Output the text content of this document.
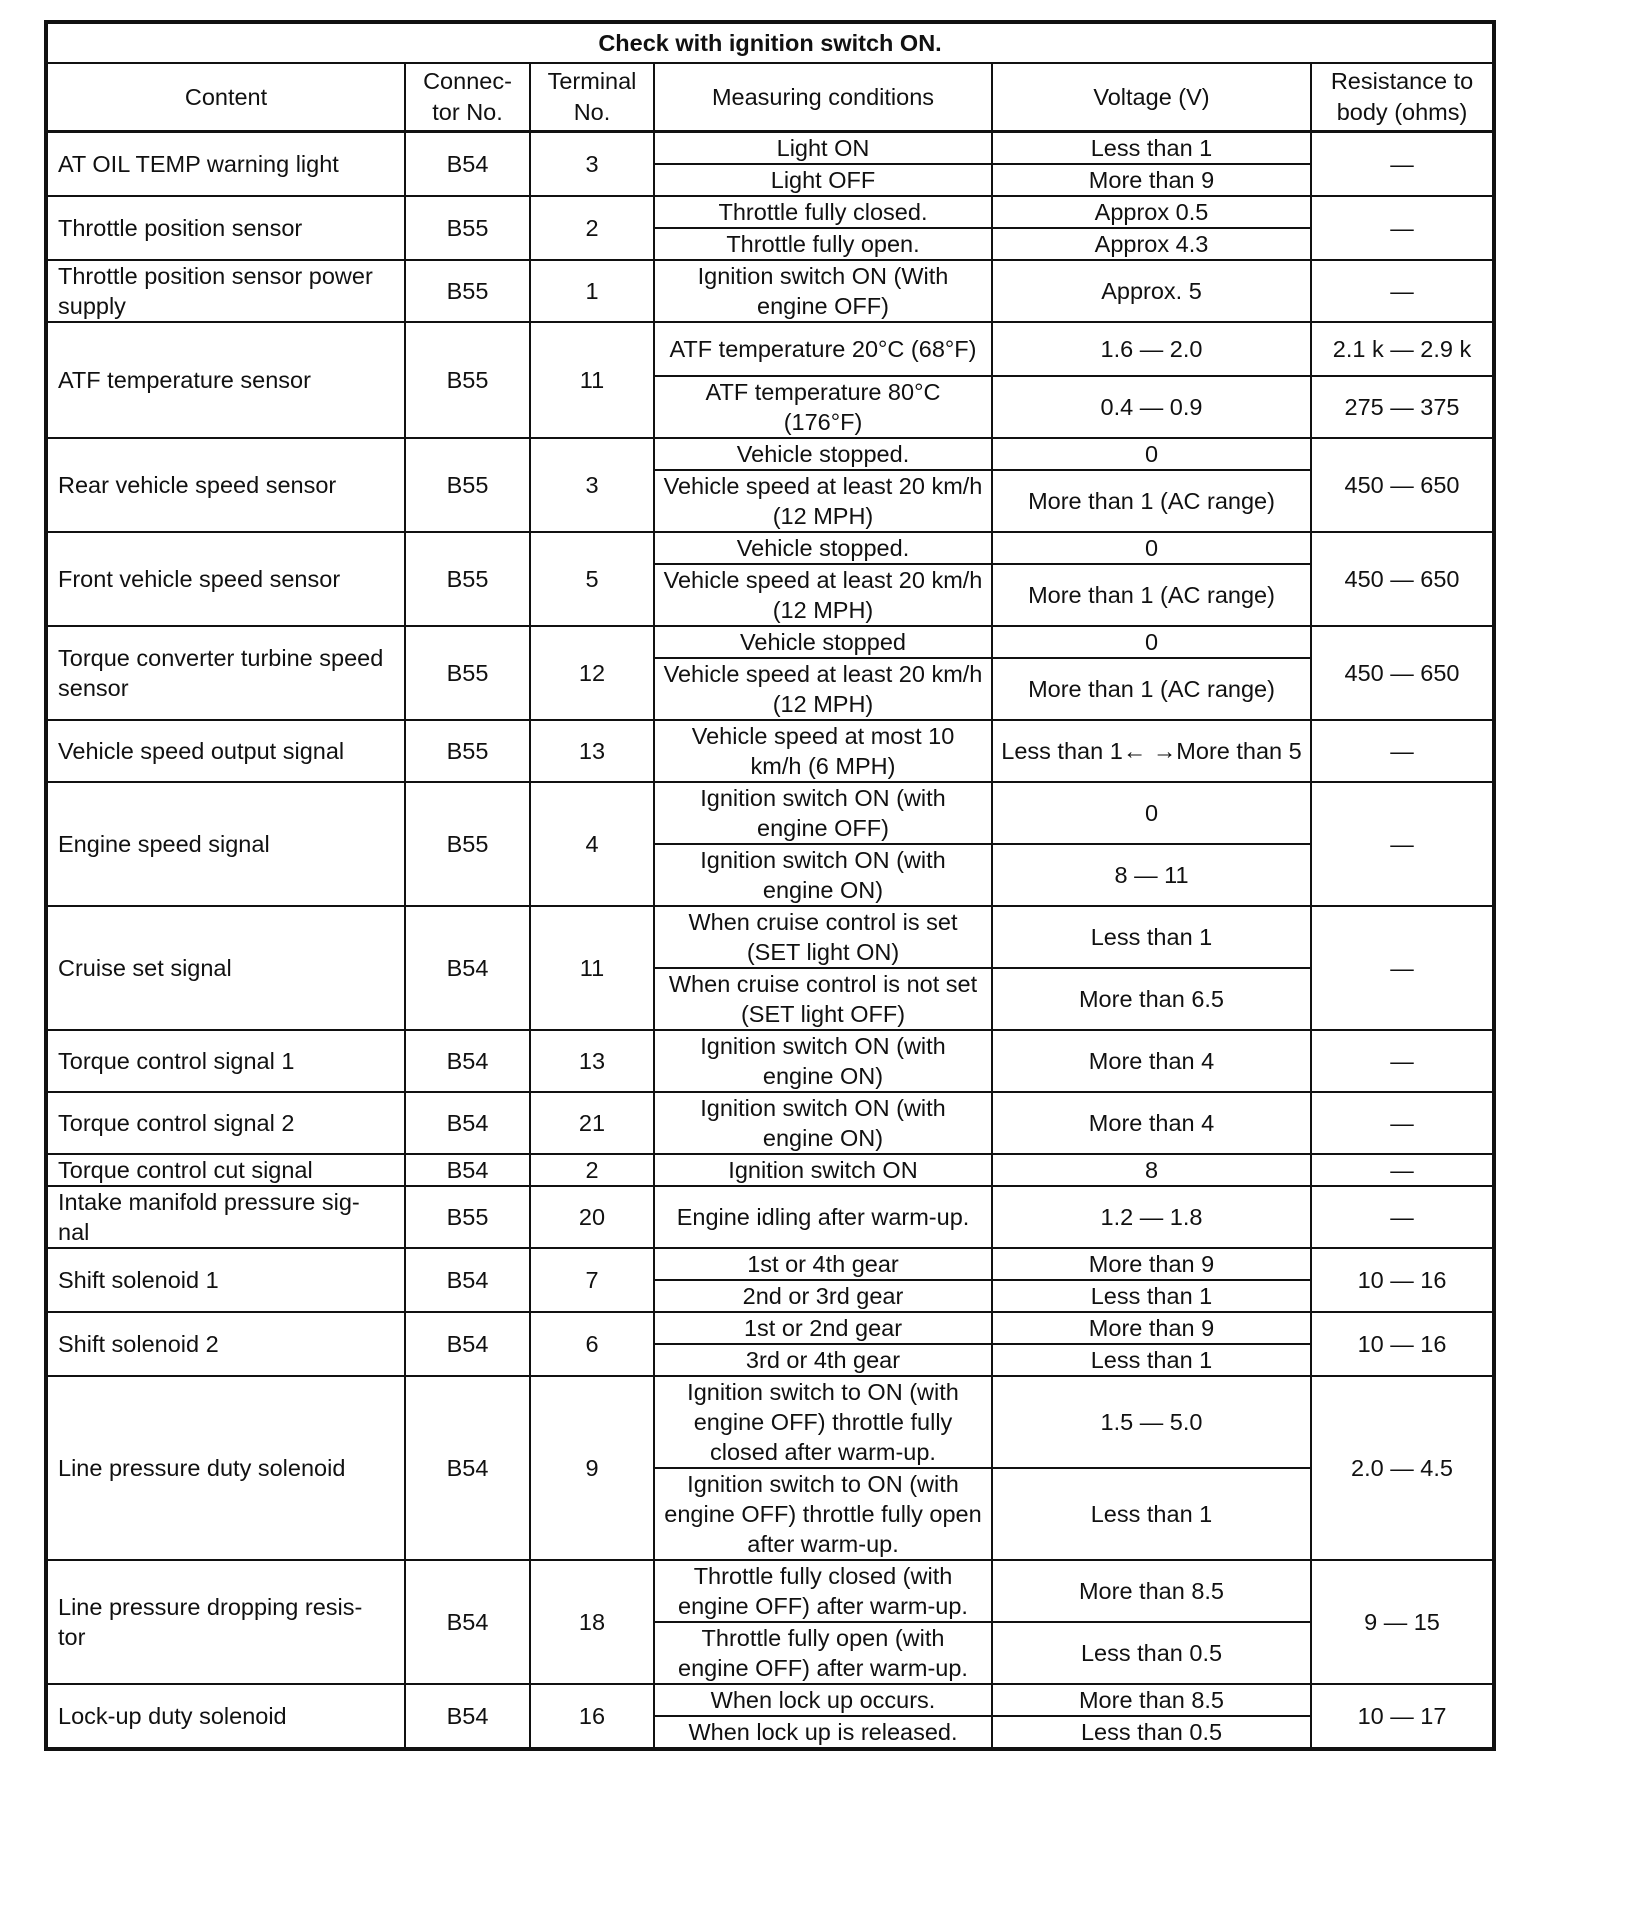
Check with ignition switch ON.					
Content	Connec- tor No.	Terminal No.	Measuring conditions	Voltage (V)	Resistance to body (ohms)
AT OIL TEMP warning light	B54	3	Light ON	Less than 1	—
			Light OFF	More than 9	
Throttle position sensor	B55	2	Throttle fully closed.	Approx 0.5	—
			Throttle fully open.	Approx 4.3	
Throttle position sensor power supply	B55	1	Ignition switch ON (With engine OFF)	Approx. 5	—
ATF temperature sensor	B55	11	ATF temperature 20°C (68°F)	1.6 — 2.0	2.1 k — 2.9 k
			ATF temperature 80°C (176°F)	0.4 — 0.9	275 — 375
Rear vehicle speed sensor	B55	3	Vehicle stopped.	0	450 — 650
			Vehicle speed at least 20 km/h (12 MPH)	More than 1 (AC range)	
Front vehicle speed sensor	B55	5	Vehicle stopped.	0	450 — 650
			Vehicle speed at least 20 km/h (12 MPH)	More than 1 (AC range)	
Torque converter turbine speed sensor	B55	12	Vehicle stopped	0	450 — 650
			Vehicle speed at least 20 km/h (12 MPH)	More than 1 (AC range)	
Vehicle speed output signal	B55	13	Vehicle speed at most 10 km/h (6 MPH)	Less than 1← →More than 5	—
Engine speed signal	B55	4	Ignition switch ON (with engine OFF)	0	—
			Ignition switch ON (with engine ON)	8 — 11	
Cruise set signal	B54	11	When cruise control is set (SET light ON)	Less than 1	—
			When cruise control is not set (SET light OFF)	More than 6.5	
Torque control signal 1	B54	13	Ignition switch ON (with engine ON)	More than 4	—
Torque control signal 2	B54	21	Ignition switch ON (with engine ON)	More than 4	—
Torque control cut signal	B54	2	Ignition switch ON	8	—
Intake manifold pressure sig- nal	B55	20	Engine idling after warm-up.	1.2 — 1.8	—
Shift solenoid 1	B54	7	1st or 4th gear	More than 9	10 — 16
			2nd or 3rd gear	Less than 1	
Shift solenoid 2	B54	6	1st or 2nd gear	More than 9	10 — 16
			3rd or 4th gear	Less than 1	
Line pressure duty solenoid	B54	9	Ignition switch to ON (with engine OFF) throttle fully closed after warm-up.	1.5 — 5.0	2.0 — 4.5
			Ignition switch to ON (with engine OFF) throttle fully open after warm-up.	Less than 1	
Line pressure dropping resis- tor	B54	18	Throttle fully closed (with engine OFF) after warm-up.	More than 8.5	9 — 15
			Throttle fully open (with engine OFF) after warm-up.	Less than 0.5	
Lock-up duty solenoid	B54	16	When lock up occurs.	More than 8.5	10 — 17
			When lock up is released.	Less than 0.5	
